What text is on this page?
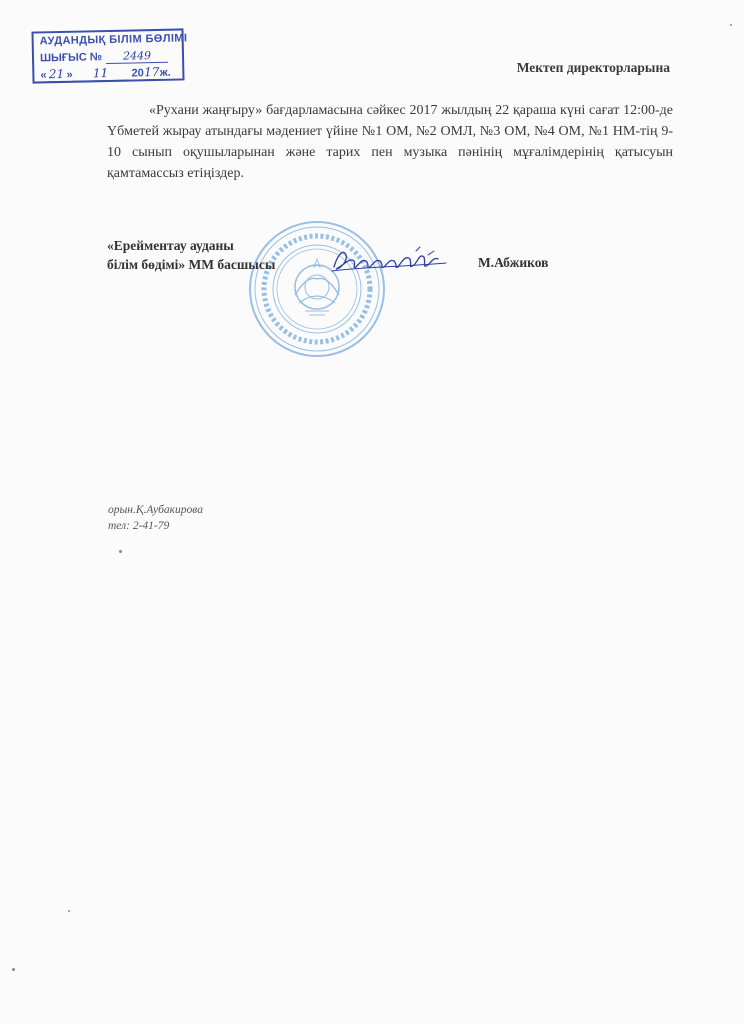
АУДАНДЫҚ БІЛІМ БӨЛІМІ
ШЫҒЫС № 2449
« 21 » 11 2017ж.	Мектеп директорларына

«Рухани жаңғыру» бағдарламасына сәйкес 2017 жылдың 22 қараша күні сағат 12:00-де Үбметей жырау атындағы мәдениет үйіне №1 ОМ, №2 ОМЛ, №3 ОМ, №4 ОМ, №1 НМ-тің 9-10 сынып оқушыларынан және тарих пен музыка пәнінің мұғалімдерінің қатысуын қамтамассыз етіңіздер.

«Ерейментау ауданы
білім бөдімі» ММ басшысы	М.Абжиков
орын.Қ.Аубакирова
тел: 2-41-79
